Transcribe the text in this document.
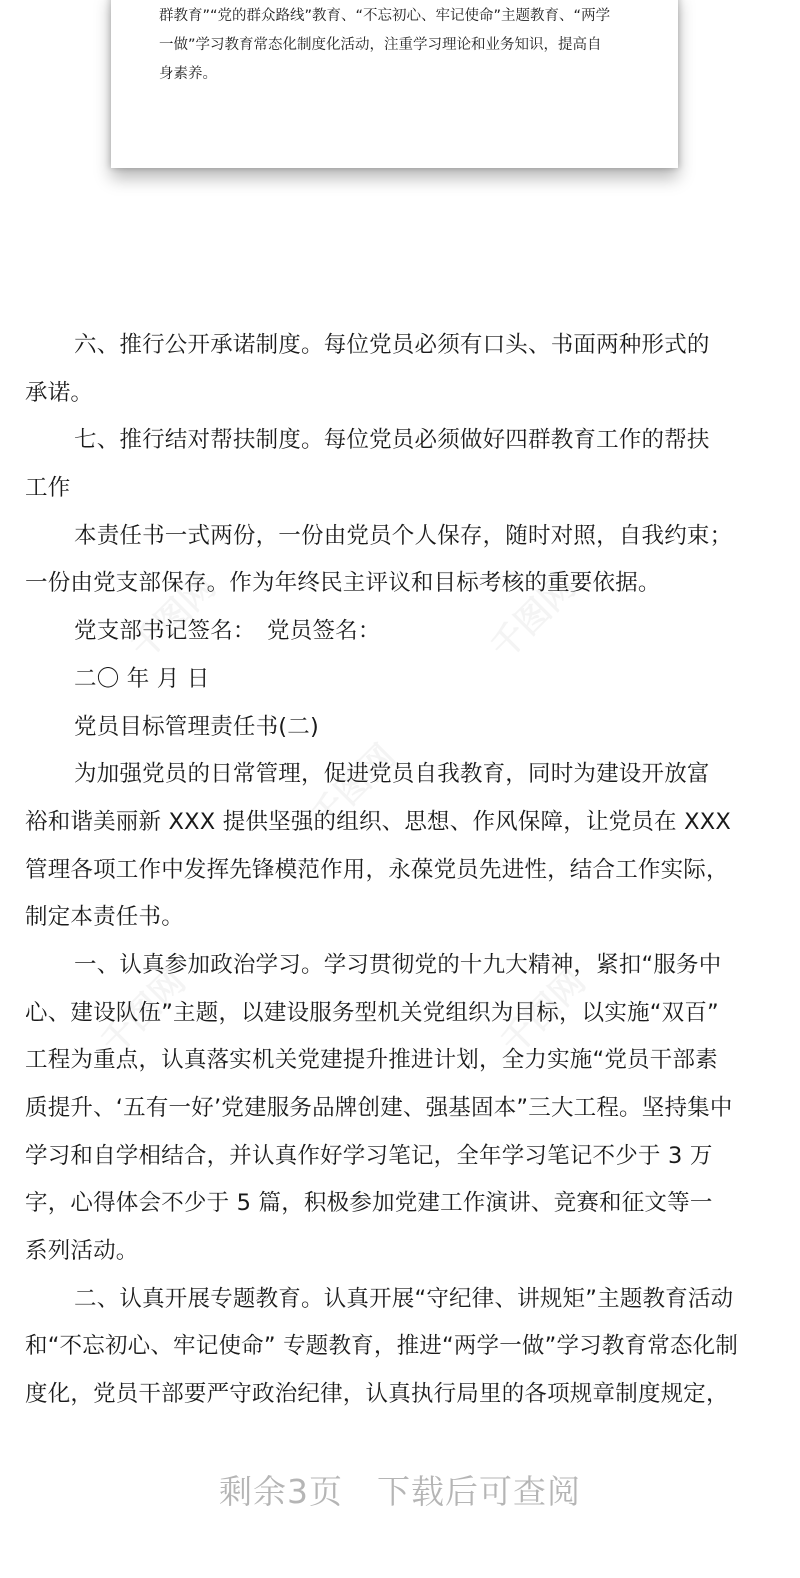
群教育”“党的群众路线”教育、“不忘初心、牢记使命”主题教育、“两学
一做”学习教育常态化制度化活动，注重学习理论和业务知识，提高自
身素养。
六、推行公开承诺制度。每位党员必须有口头、书面两种形式的
承诺。
七、推行结对帮扶制度。每位党员必须做好四群教育工作的帮扶
工作
本责任书一式两份，一份由党员个人保存，随时对照，自我约束；
一份由党支部保存。作为年终民主评议和目标考核的重要依据。
党支部书记签名：　党员签名：
二〇 年 月 日
党员目标管理责任书(二)
为加强党员的日常管理，促进党员自我教育，同时为建设开放富
裕和谐美丽新 XXX 提供坚强的组织、思想、作风保障，让党员在 XXX
管理各项工作中发挥先锋模范作用，永葆党员先进性，结合工作实际，
制定本责任书。
一、认真参加政治学习。学习贯彻党的十九大精神，紧扣“服务中
心、建设队伍”主题，以建设服务型机关党组织为目标，以实施“双百”
工程为重点，认真落实机关党建提升推进计划，全力实施“党员干部素
质提升、‘五有一好’党建服务品牌创建、强基固本”三大工程。坚持集中
学习和自学相结合，并认真作好学习笔记，全年学习笔记不少于 3 万
字，心得体会不少于 5 篇，积极参加党建工作演讲、竞赛和征文等一
系列活动。
二、认真开展专题教育。认真开展“守纪律、讲规矩”主题教育活动
和“不忘初心、牢记使命” 专题教育，推进“两学一做”学习教育常态化制
度化，党员干部要严守政治纪律，认真执行局里的各项规章制度规定，
剩余3页 下载后可查阅
